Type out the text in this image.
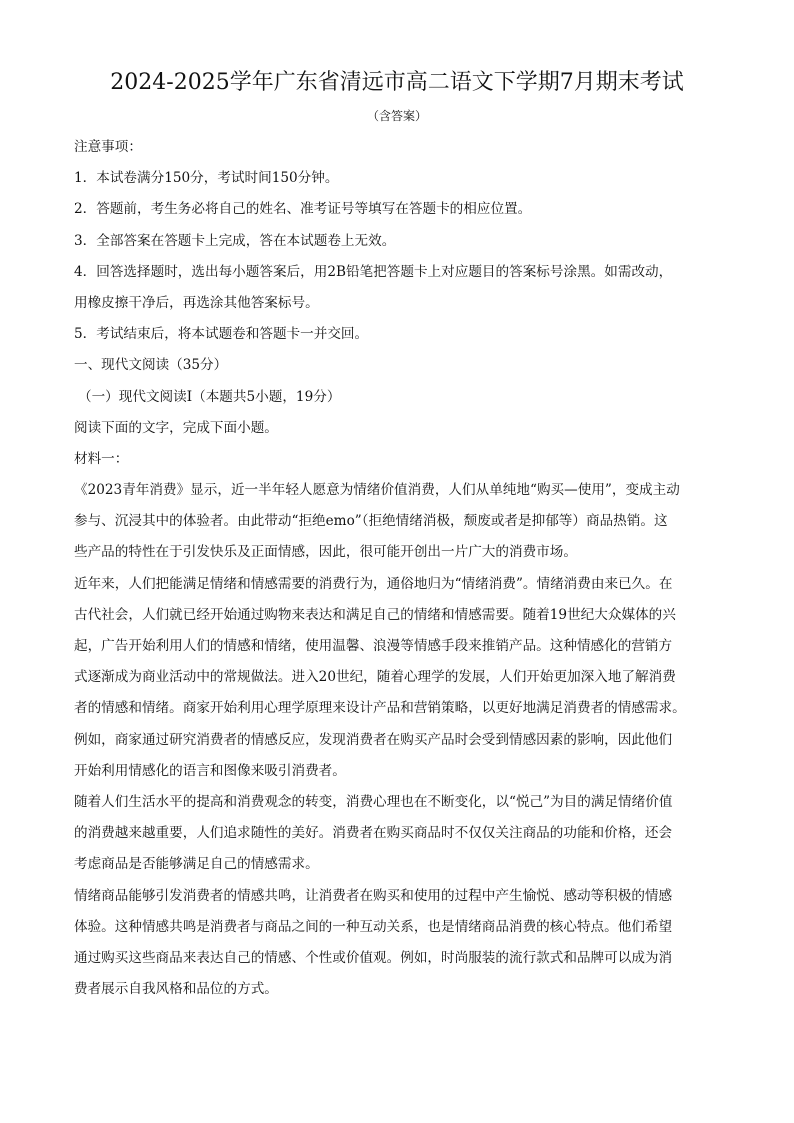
2024-2025学年广东省清远市高二语文下学期7月期末考试
（含答案）
注意事项：
1．本试卷满分150分，考试时间150分钟。
2．答题前，考生务必将自己的姓名、准考证号等填写在答题卡的相应位置。
3．全部答案在答题卡上完成，答在本试题卷上无效。
4．回答选择题时，选出每小题答案后，用2B铅笔把答题卡上对应题目的答案标号涂黑。如需改动，
用橡皮擦干净后，再选涂其他答案标号。
5．考试结束后，将本试题卷和答题卡一并交回。
一、现代文阅读（35分）
（一）现代文阅读I（本题共5小题，19分）
阅读下面的文字，完成下面小题。
材料一：
《2023青年消费》显示，近一半年轻人愿意为情绪价值消费，人们从单纯地“购买—使用”，变成主动
参与、沉浸其中的体验者。由此带动“拒绝emo”（拒绝情绪消极，颓废或者是抑郁等）商品热销。这
些产品的特性在于引发快乐及正面情感，因此，很可能开创出一片广大的消费市场。
近年来，人们把能满足情绪和情感需要的消费行为，通俗地归为“情绪消费”。情绪消费由来已久。在
古代社会，人们就已经开始通过购物来表达和满足自己的情绪和情感需要。随着19世纪大众媒体的兴
起，广告开始利用人们的情感和情绪，使用温馨、浪漫等情感手段来推销产品。这种情感化的营销方
式逐渐成为商业活动中的常规做法。进入20世纪，随着心理学的发展，人们开始更加深入地了解消费
者的情感和情绪。商家开始利用心理学原理来设计产品和营销策略，以更好地满足消费者的情感需求。
例如，商家通过研究消费者的情感反应，发现消费者在购买产品时会受到情感因素的影响，因此他们
开始利用情感化的语言和图像来吸引消费者。
随着人们生活水平的提高和消费观念的转变，消费心理也在不断变化，以“悦己”为目的满足情绪价值
的消费越来越重要，人们追求随性的美好。消费者在购买商品时不仅仅关注商品的功能和价格，还会
考虑商品是否能够满足自己的情感需求。
情绪商品能够引发消费者的情感共鸣，让消费者在购买和使用的过程中产生愉悦、感动等积极的情感
体验。这种情感共鸣是消费者与商品之间的一种互动关系，也是情绪商品消费的核心特点。他们希望
通过购买这些商品来表达自己的情感、个性或价值观。例如，时尚服装的流行款式和品牌可以成为消
费者展示自我风格和品位的方式。
